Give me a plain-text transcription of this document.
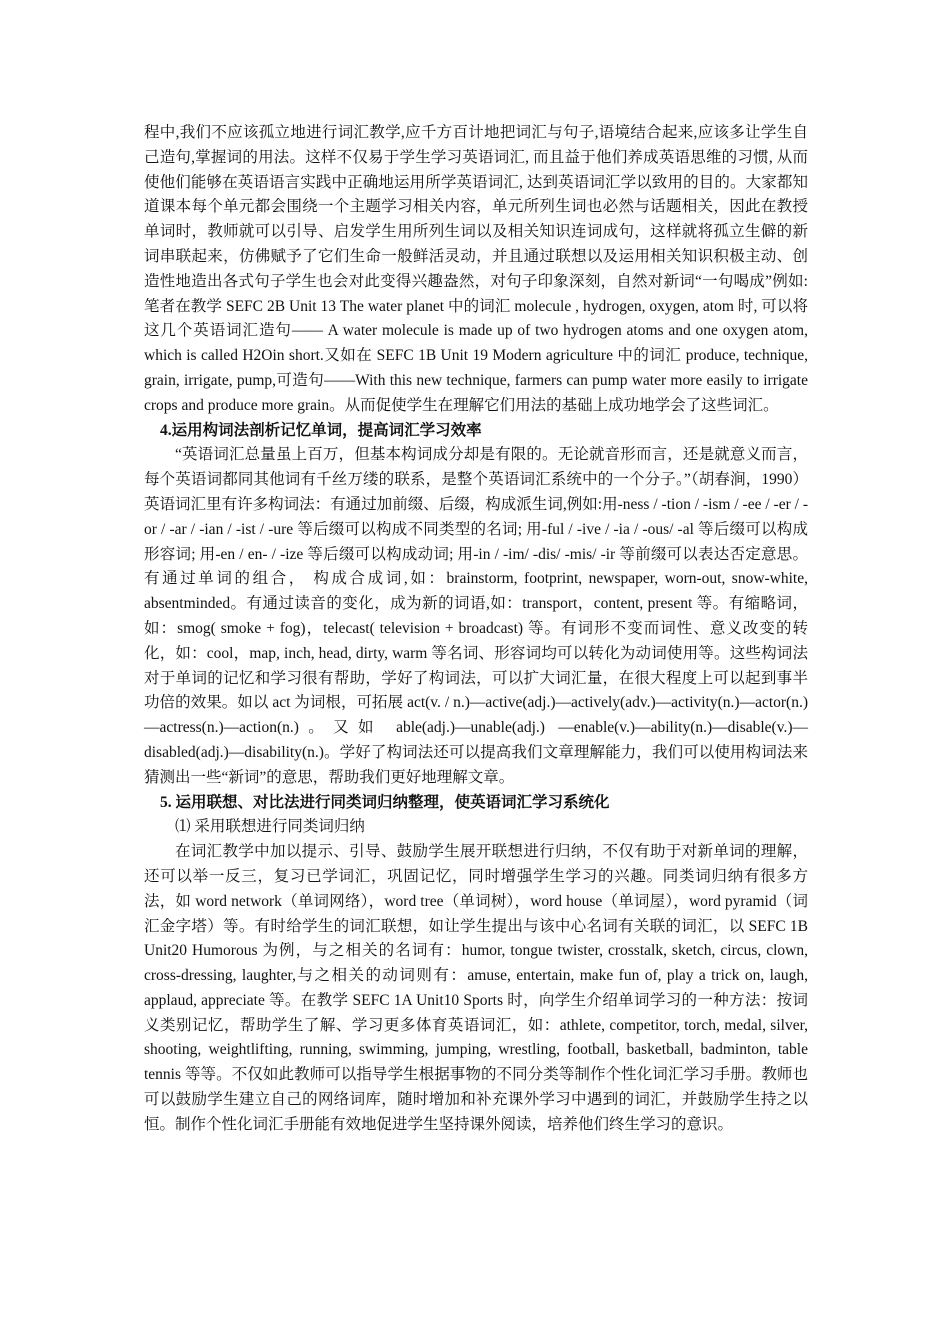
程中,我们不应该孤立地进行词汇教学,应千方百计地把词汇与句子,语境结合起来,应该多让学生自己造句,掌握词的用法。这样不仅易于学生学习英语词汇, 而且益于他们养成英语思维的习惯, 从而使他们能够在英语语言实践中正确地运用所学英语词汇, 达到英语词汇学以致用的目的。大家都知道课本每个单元都会围绕一个主题学习相关内容，单元所列生词也必然与话题相关，因此在教授单词时，教师就可以引导、启发学生用所列生词以及相关知识连词成句，这样就将孤立生僻的新词串联起来，仿佛赋予了它们生命一般鲜活灵动，并且通过联想以及运用相关知识积极主动、创造性地造出各式句子学生也会对此变得兴趣盎然，对句子印象深刻，自然对新词“一句喝成”例如: 笔者在教学 SEFC 2B Unit 13 The water planet 中的词汇 molecule , hydrogen, oxygen, atom 时, 可以将这几个英语词汇造句—— A water molecule is made up of two hydrogen atoms and one oxygen atom, which is called H2Oin short.又如在 SEFC 1B Unit 19 Modern agriculture 中的词汇 produce, technique, grain, irrigate, pump,可造句——With this new technique, farmers can pump water more easily to irrigate crops and produce more grain。从而促使学生在理解它们用法的基础上成功地学会了这些词汇。

4.运用构词法剖析记忆单词，提高词汇学习效率

“英语词汇总量虽上百万，但基本构词成分却是有限的。无论就音形而言，还是就意义而言，每个英语词都同其他词有千丝万缕的联系，是整个英语词汇系统中的一个分子。”（胡春涧，1990）英语词汇里有许多构词法：有通过加前缀、后缀，构成派生词,例如:用-ness / -tion / -ism / -ee / -er / -or / -ar / -ian / -ist / -ure 等后缀可以构成不同类型的名词; 用-ful / -ive / -ia / -ous/ -al 等后缀可以构成形容词; 用-en / en- / -ize 等后缀可以构成动词; 用-in / -im/ -dis/ -mis/ -ir 等前缀可以表达否定意思。有通过单词的组合， 构成合成词,如：brainstorm, footprint, newspaper, worn-out, snow-white, absentminded。有通过读音的变化，成为新的词语,如：transport，content, present 等。有缩略词，如：smog( smoke + fog)，telecast( television + broadcast) 等。有词形不变而词性、意义改变的转化，如：cool，map, inch, head, dirty, warm 等名词、形容词均可以转化为动词使用等。这些构词法对于单词的记忆和学习很有帮助，学好了构词法，可以扩大词汇量，在很大程度上可以起到事半功倍的效果。如以 act 为词根，可拓展 act(v. / n.)—active(adj.)—actively(adv.)—activity(n.)—actor(n.)—actress(n.)—action(n.)。又如 able(adj.)—unable(adj.) —enable(v.)—ability(n.)—disable(v.)—disabled(adj.)—disability(n.)。学好了构词法还可以提高我们文章理解能力，我们可以使用构词法来猜测出一些“新词”的意思，帮助我们更好地理解文章。

5. 运用联想、对比法进行同类词归纳整理，使英语词汇学习系统化

⑴ 采用联想进行同类词归纳

在词汇教学中加以提示、引导、鼓励学生展开联想进行归纳，不仅有助于对新单词的理解，还可以举一反三，复习已学词汇，巩固记忆，同时增强学生学习的兴趣。同类词归纳有很多方法，如 word network（单词网络），word tree（单词树），word house（单词屋），word pyramid（词汇金字塔）等。有时给学生的词汇联想，如让学生提出与该中心名词有关联的词汇，以 SEFC 1B Unit20 Humorous 为例，与之相关的名词有：humor, tongue twister, crosstalk, sketch, circus, clown, cross-dressing, laughter,与之相关的动词则有：amuse, entertain, make fun of, play a trick on, laugh, applaud, appreciate 等。在教学 SEFC 1A Unit10 Sports 时，向学生介绍单词学习的一种方法：按词义类别记忆，帮助学生了解、学习更多体育英语词汇，如：athlete, competitor, torch, medal, silver, shooting, weightlifting, running, swimming, jumping, wrestling, football, basketball, badminton, table tennis 等等。不仅如此教师可以指导学生根据事物的不同分类等制作个性化词汇学习手册。教师也可以鼓励学生建立自己的网络词库，随时增加和补充课外学习中遇到的词汇，并鼓励学生持之以恒。制作个性化词汇手册能有效地促进学生坚持课外阅读，培养他们终生学习的意识。
